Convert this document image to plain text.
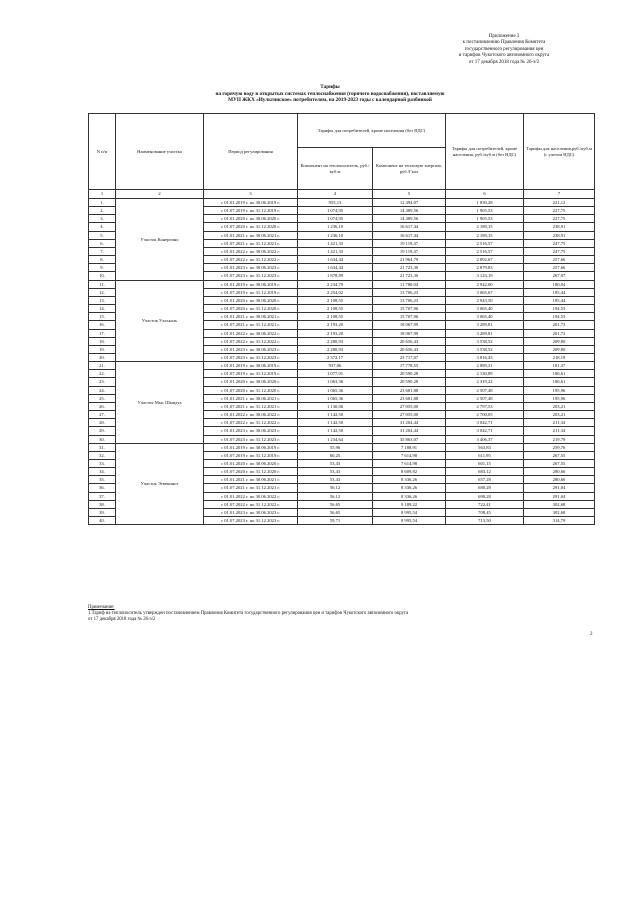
Приложение 3
к постановлению Правления Комитета
государственного регулирования цен
и тарифов Чукотского автономного округа
от 17 декабря 2018 года № 26-э/2
Тарифы
на горячую воду в открытых системах теплоснабжения (горячего водоснабжения), поставляемую
МУП ЖКХ «Иультинское» потребителям, на 2019-2023 годы с календарной разбивкой
N п/п	Наименование участка	Период регулирования	Тарифы для потребителей, кроме населения (без НДС)		Тарифы для потребителей, кроме населения, руб./куб.м (без НДС)	Тарифы для населения,руб./куб.м (с учетом НДС)
			Компонент на теплоноситель, руб./куб.м	Компонент на тепловую энергию, руб./Гкал		
1	2	3	4	5	6	7
1.	Участок Конергино	с 01.01.2019 г. по 30.06.2019 г.	955,13	12 494,07	1 830,28	221,12
2.		с 01.07.2019 г. по 31.12.2019 г.	1 074,95	14 489,56	1 905,53	227,75
3.		с 01.01.2020 г. по 30.06.2020 г.	1 074,95	14 489,56	1 905,53	227,75
4.		с 01.07.2020 г. по 31.12.2020 г.	1 236,10	16 617,44	2 189,15	238,91
5.		с 01.01.2021 г. по 30.06.2021 г.	1 236,10	16 617,44	2 189,15	238,91
6.		с 01.07.2021 г. по 31.12.2021 г.	1 421,33	19 119,47	2 516,57	247,75
7.		с 01.01.2022 г. по 30.06.2022 г.	1 421,33	19 119,47	2 516,57	247,75
8.		с 01.07.2022 г. по 31.12.2022 г.	1 634,44	21 964,79	2 892,67	257,66
9.		с 01.01.2023 г. по 30.06.2023 г.	1 634,44	21 723,30	2 879,83	257,66
10.		с 01.07.2023 г. по 31.12.2023 г.	1 878,89	21 723,30	3 123,19	267,97
11.	Участок Уэлькаль	с 01.01.2019 г. по 30.06.2019 г.	2 234,79	11 780,04	2 942,00	180,04
12.		с 01.07.2019 г. по 31.12.2019 г.	2 254,02	13 706,23	3 065,67	185,44
13.		с 01.01.2020 г. по 30.06.2020 г.	2 108,55	13 706,23	2 943,50	185,44
14.		с 01.07.2020 г. по 31.12.2020 г.	2 108,55	15 707,96	3 065,40	194,53
15.		с 01.01.2021 г. по 30.06.2021 г.	2 108,55	15 707,96	3 065,40	194,53
16.		с 01.07.2021 г. по 31.12.2021 г.	2 193,20	18 067,99	3 289,81	201,73
17.		с 01.01.2022 г. по 30.06.2022 г.	2 193,20	18 067,99	3 289,81	201,73
18.		с 01.07.2022 г. по 31.12.2022 г.	2 280,93	20 656,43	3 538,52	209,80
19.		с 01.01.2023 г. по 30.06.2023 г.	2 280,93	20 656,43	3 538,52	209,80
20.		с 01.07.2023 г. по 31.12.2023 г.	2 372,17	23 717,07	3 816,43	218,19
21.	Участок Мыс Шмидта	с 01.01.2019 г. по 30.06.2019 г.	937,06	17 778,55	2 089,31	181,37
22.		с 01.07.2019 г. по 31.12.2019 г.	1 077,01	20 590,28	2 130,89	186,61
23.		с 01.01.2020 г. по 30.06.2020 г.	1 063,36	20 590,28	2 319,22	186,61
24.		с 01.07.2020 г. по 31.12.2020 г.	1 065,36	23 681,88	2 507,48	195,96
25.		с 01.01.2021 г. по 30.06.2021 г.	1 065,36	23 681,88	2 507,48	195,96
26.		с 01.07.2021 г. по 31.12.2021 г.	1 130,06	27 055,00	2 797,53	203,21
27.		с 01.01.2022 г. по 30.06.2022 г.	1 142,50	27 055,00	2 700,05	203,21
28.		с 01.07.2022 г. по 31.12.2022 г.	1 142,50	31 204,44	3 042,71	211,34
29.		с 01.01.2023 г. по 30.06.2023 г.	1 142,50	31 204,44	3 042,71	211,34
30.		с 01.07.2023 г. по 31.12.2023 г.	1 234,64	35 863,07	3 406,37	219,79
31.	Участок Эгвекинот	с 01.01.2019 г. по 30.06.2019 г.	55,96	7 188,91	563,83	259,76
32.		с 01.07.2019 г. по 31.12.2019 г.	60,25	7 614,98	611,95	267,55
33.		с 01.01.2020 г. по 30.06.2020 г.	53,43	7 614,98	601,15	267,55
34.		с 01.07.2020 г. по 31.12.2020 г.	53,43	8 609,82	683,12	280,66
35.		с 01.01.2021 г. по 30.06.2021 г.	53,43	8 336,26	657,28	280,66
36.		с 01.07.2021 г. по 31.12.2021 г.	56,12	8 336,26	680,28	291,04
37.		с 01.01.2022 г. по 30.06.2022 г.	56,12	8 336,26	690,28	291,04
38.		с 01.07.2022 г. по 31.12.2022 г.	56,65	9 189,22	722,41	302,68
39.		с 01.01.2023 г. по 30.06.2023 г.	56,65	8 995,54	708,45	302,68
40.		с 01.07.2023 г. по 31.12.2023 г.	59,71	8 995,54	713,50	314,79
Примечание:
1.Тариф на теплоноситель утвержден постановлением Правления Комитета государственного регулирования цен и тарифов Чукотского автономного округа
от 17 декабря 2018 года № 26-э/2
2
